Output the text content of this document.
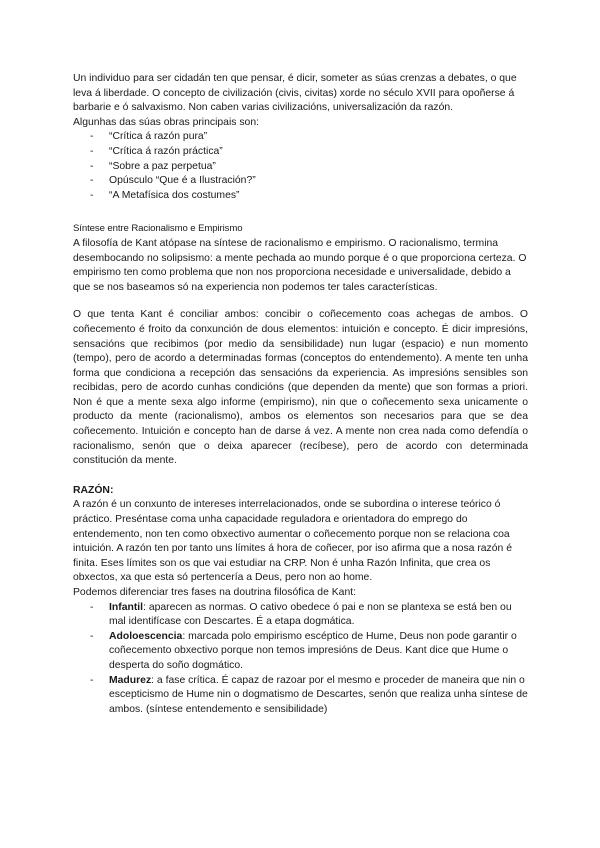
Un individuo para ser cidadán ten que pensar, é dicir, someter as súas crenzas a debates, o que leva á liberdade. O concepto de civilización (civis, civitas) xorde no século XVII para opoñerse á barbarie e ó salvaxismo. Non caben varias civilizacións, universalización da razón.

Algunhas das súas obras principais son:

- “Crítica á razón pura”
- “Crítica á razón práctica”
- “Sobre a paz perpetua”
- Opúsculo “Que é a Ilustración?”
- “A Metafísica dos costumes”

Síntese entre Racionalismo e Empirismo

A filosofía de Kant atópase na síntese de racionalismo e empirismo. O racionalismo, termina desembocando no solipsismo: a mente pechada ao mundo porque é o que proporciona certeza. O empirismo ten como problema que non nos proporciona necesidade e universalidade, debido a que se nos baseamos só na experiencia non podemos ter tales características.

O que tenta Kant é conciliar ambos: concibir o coñecemento coas achegas de ambos. O coñecemento é froito da conxunción de dous elementos: intuición e concepto. É dicir impresións, sensacións que recibimos (por medio da sensibilidade) nun lugar (espacio) e nun momento (tempo), pero de acordo a determinadas formas (conceptos do entendemento). A mente ten unha forma que condiciona a recepción das sensacións da experiencia. As impresións sensibles son recibidas, pero de acordo cunhas condicións (que dependen da mente) que son formas a priori. Non é que a mente sexa algo informe (empirismo), nin que o coñecemento sexa unicamente o producto da mente (racionalismo), ambos os elementos son necesarios para que se dea coñecemento. Intuición e concepto han de darse á vez. A mente non crea nada como defendía o racionalismo, senón que o deixa aparecer (recíbese), pero de acordo con determinada constitución da mente.

RAZÓN:

A razón é un conxunto de intereses interrelacionados, onde se subordina o interese teórico ó práctico. Preséntase coma unha capacidade reguladora e orientadora do emprego do entendemento, non ten como obxectivo aumentar o coñecemento porque non se relaciona coa intuición. A razón ten por tanto uns límites á hora de coñecer, por iso afirma que a nosa razón é finita. Eses límites son os que vai estudiar na CRP. Non é unha Razón Infinita, que crea os obxectos, xa que esta só pertencería a Deus, pero non ao home.

Podemos diferenciar tres fases na doutrina filosófica de Kant:

- Infantil: aparecen as normas. O cativo obedece ó pai e non se plantexa se está ben ou mal identifícase con Descartes. É a etapa dogmática.
- Adoloescencia: marcada polo empirismo escéptico de Hume, Deus non pode garantir o coñecemento obxectivo porque non temos impresións de Deus. Kant dice que Hume o desperta do soño dogmático.
- Madurez: a fase crítica. É capaz de razoar por el mesmo e proceder de maneira que nin o escepticismo de Hume nin o dogmatismo de Descartes, senón que realiza unha síntese de ambos. (síntese entendemento e sensibilidade)
